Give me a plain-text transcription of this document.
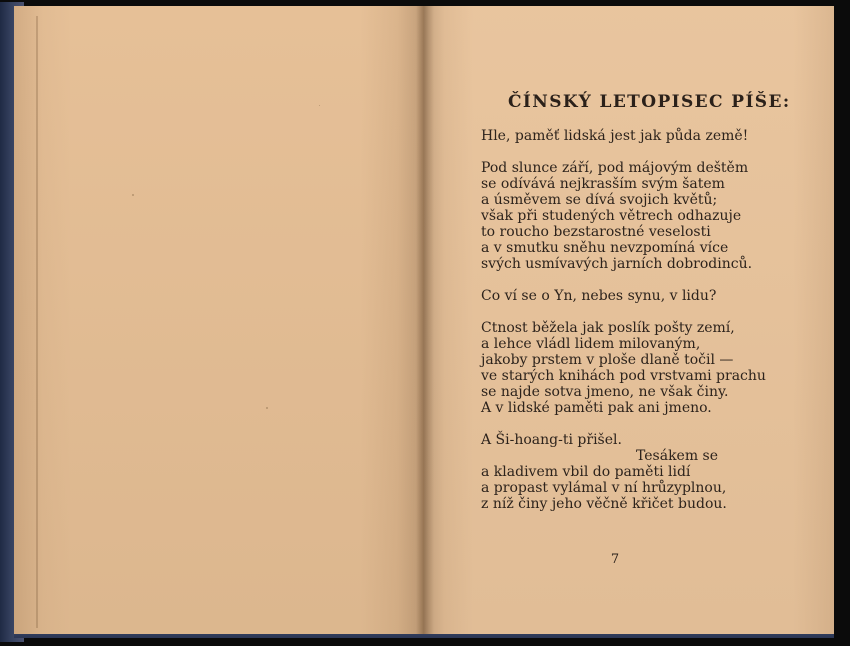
ČÍNSKÝ LETOPISEC PÍŠE:
Hle, paměť lidská jest jak půda země!
Pod slunce září, pod májovým deštěm
se odívává nejkrasším svým šatem
a úsměvem se dívá svojich květů;
však při studených větrech odhazuje
to roucho bezstarostné veselosti
a v smutku sněhu nevzpomíná více
svých usmívavých jarních dobrodinců.
Co ví se o Yn, nebes synu, v lidu?
Ctnost běžela jak poslík pošty zemí,
a lehce vládl lidem milovaným,
jakoby prstem v ploše dlaně točil —
ve starých knihách pod vrstvami prachu
se najde sotva jmeno, ne však činy.
A v lidské paměti pak ani jmeno.
A Ši-hoang-ti přišel.
Tesákem se
a kladivem vbil do paměti lidí
a propast vylámal v ní hrůzyplnou,
z níž činy jeho věčně křičet budou.
7
